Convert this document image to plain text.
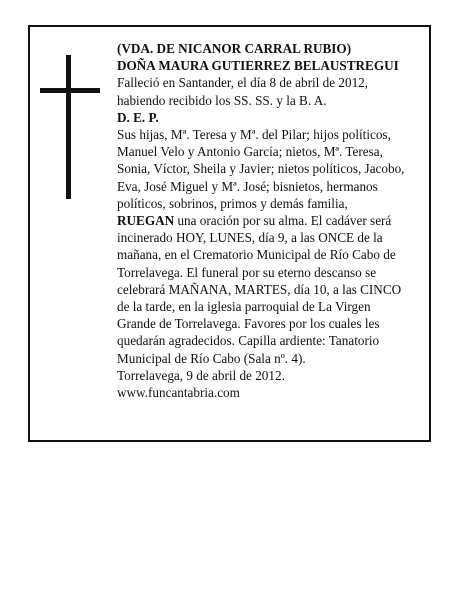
(VDA. DE NICANOR CARRAL RUBIO)

DOÑA MAURA GUTIERREZ BELAUSTREGUI

Falleció en Santander, el día 8 de abril de 2012,

habiendo recibido los SS. SS. y la B. A.

D. E. P.

Sus hijas, Mª. Teresa y Mª. del Pilar; hijos políticos,

Manuel Velo y Antonio García; nietos, Mª. Teresa,

Sonia, Víctor, Sheila y Javier; nietos políticos, Jacobo,

Eva, José Miguel y Mª. José; bisnietos, hermanos

políticos, sobrinos, primos y demás familia,

RUEGAN una oración por su alma. El cadáver será

incinerado HOY, LUNES, día 9, a las ONCE de la

mañana, en el Crematorio Municipal de Río Cabo de

Torrelavega. El funeral por su eterno descanso se

celebrará MAÑANA, MARTES, día 10, a las CINCO

de la tarde, en la iglesia parroquial de La Virgen

Grande de Torrelavega. Favores por los cuales les

quedarán agradecidos. Capilla ardiente: Tanatorio

Municipal de Río Cabo (Sala nº. 4).

Torrelavega, 9 de abril de 2012.

www.funcantabria.com
